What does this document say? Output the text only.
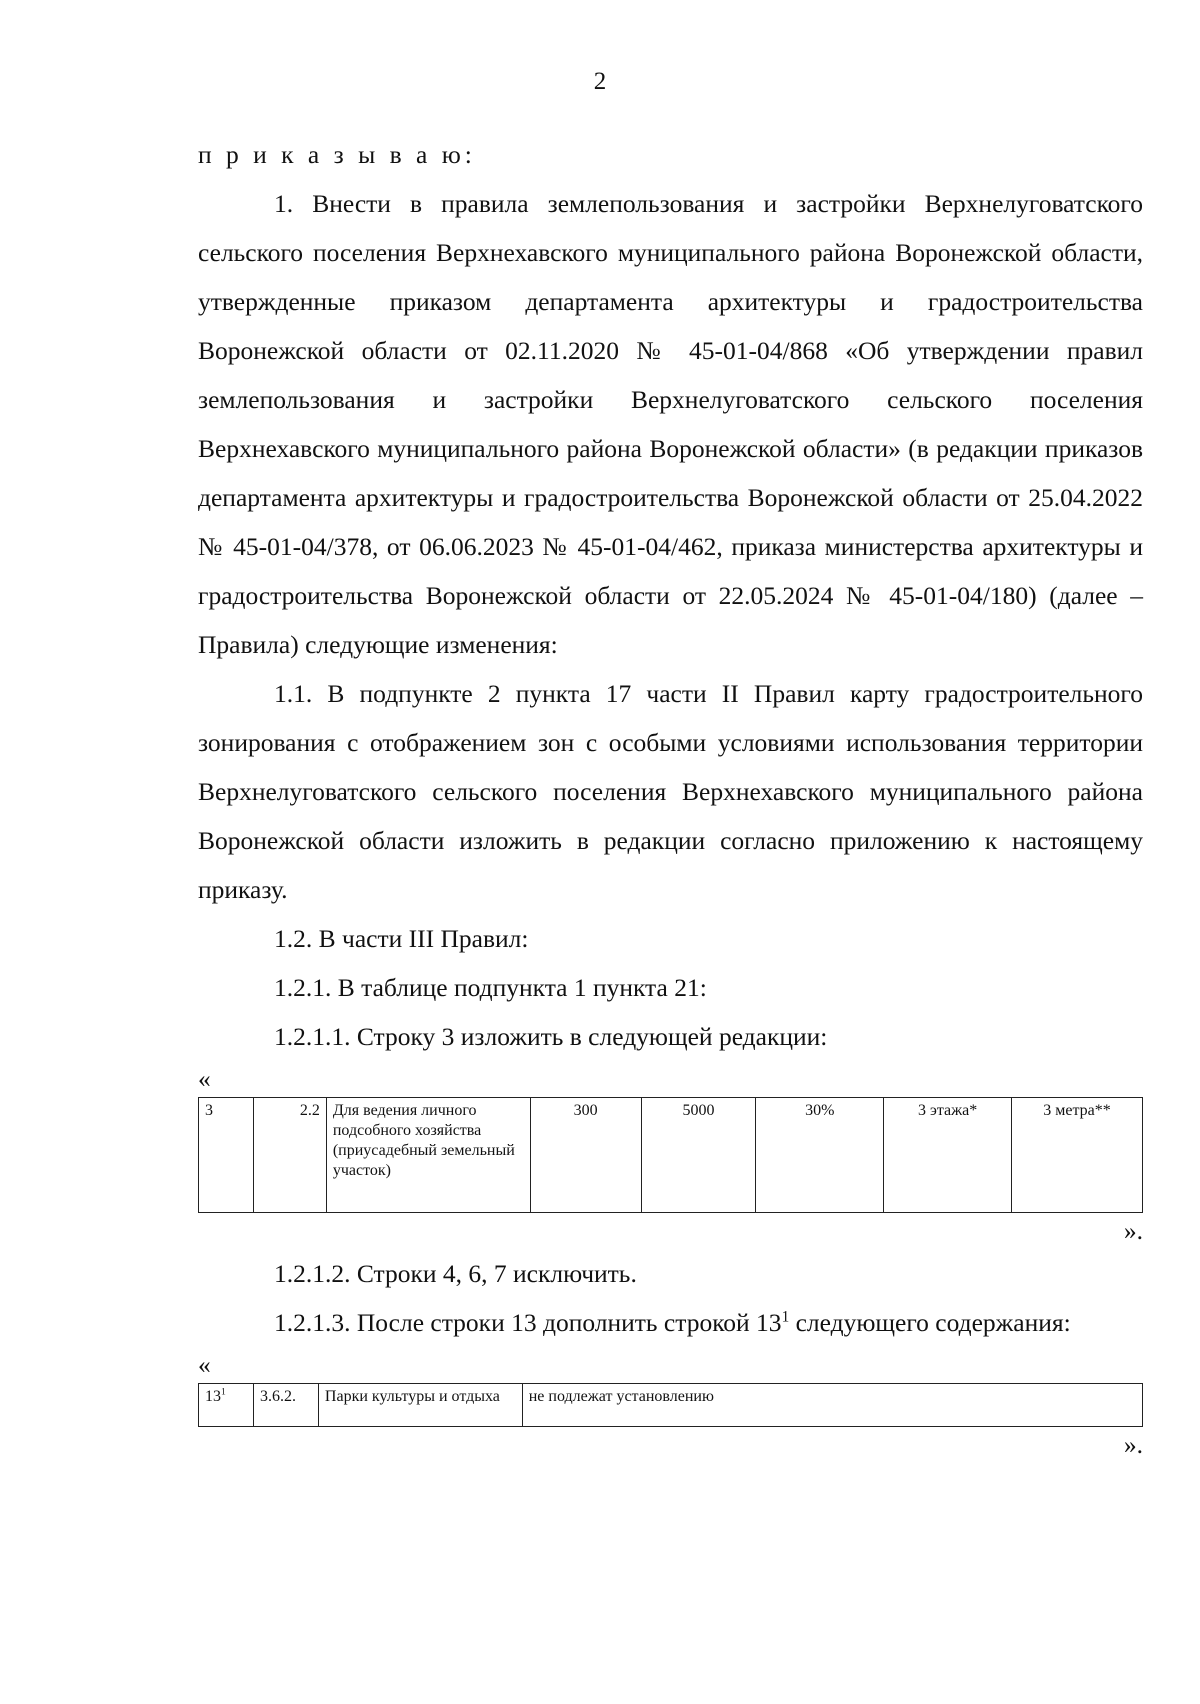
2

п р и к а з ы в а ю:

1. Внести в правила землепользования и застройки Верхнелуговатского сельского поселения Верхнехавского муниципального района Воронежской области, утвержденные приказом департамента архитектуры и градостроительства Воронежской области от 02.11.2020 № 45-01-04/868 «Об утверждении правил землепользования и застройки Верхнелуговатского сельского поселения Верхнехавского муниципального района Воронежской области» (в редакции приказов департамента архитектуры и градостроительства Воронежской области от 25.04.2022 № 45-01-04/378, от 06.06.2023 № 45-01-04/462, приказа министерства архитектуры и градостроительства Воронежской области от 22.05.2024 № 45-01-04/180) (далее – Правила) следующие изменения:

1.1. В подпункте 2 пункта 17 части II Правил карту градостроительного зонирования с отображением зон с особыми условиями использования территории Верхнелуговатского сельского поселения Верхнехавского муниципального района Воронежской области изложить в редакции согласно приложению к настоящему приказу.

1.2. В части III Правил:

1.2.1. В таблице подпункта 1 пункта 21:

1.2.1.1. Строку 3 изложить в следующей редакции:

«

3	2.2	Для ведения личного подсобного хозяйства (приусадебный земельный участок)	300	5000	30%	3 этажа*	3 метра**

».

1.2.1.2. Строки 4, 6, 7 исключить.

1.2.1.3. После строки 13 дополнить строкой $13^1$ следующего содержания:

«

$13^1$	3.6.2.	Парки культуры и отдыха	не подлежат установлению

».
